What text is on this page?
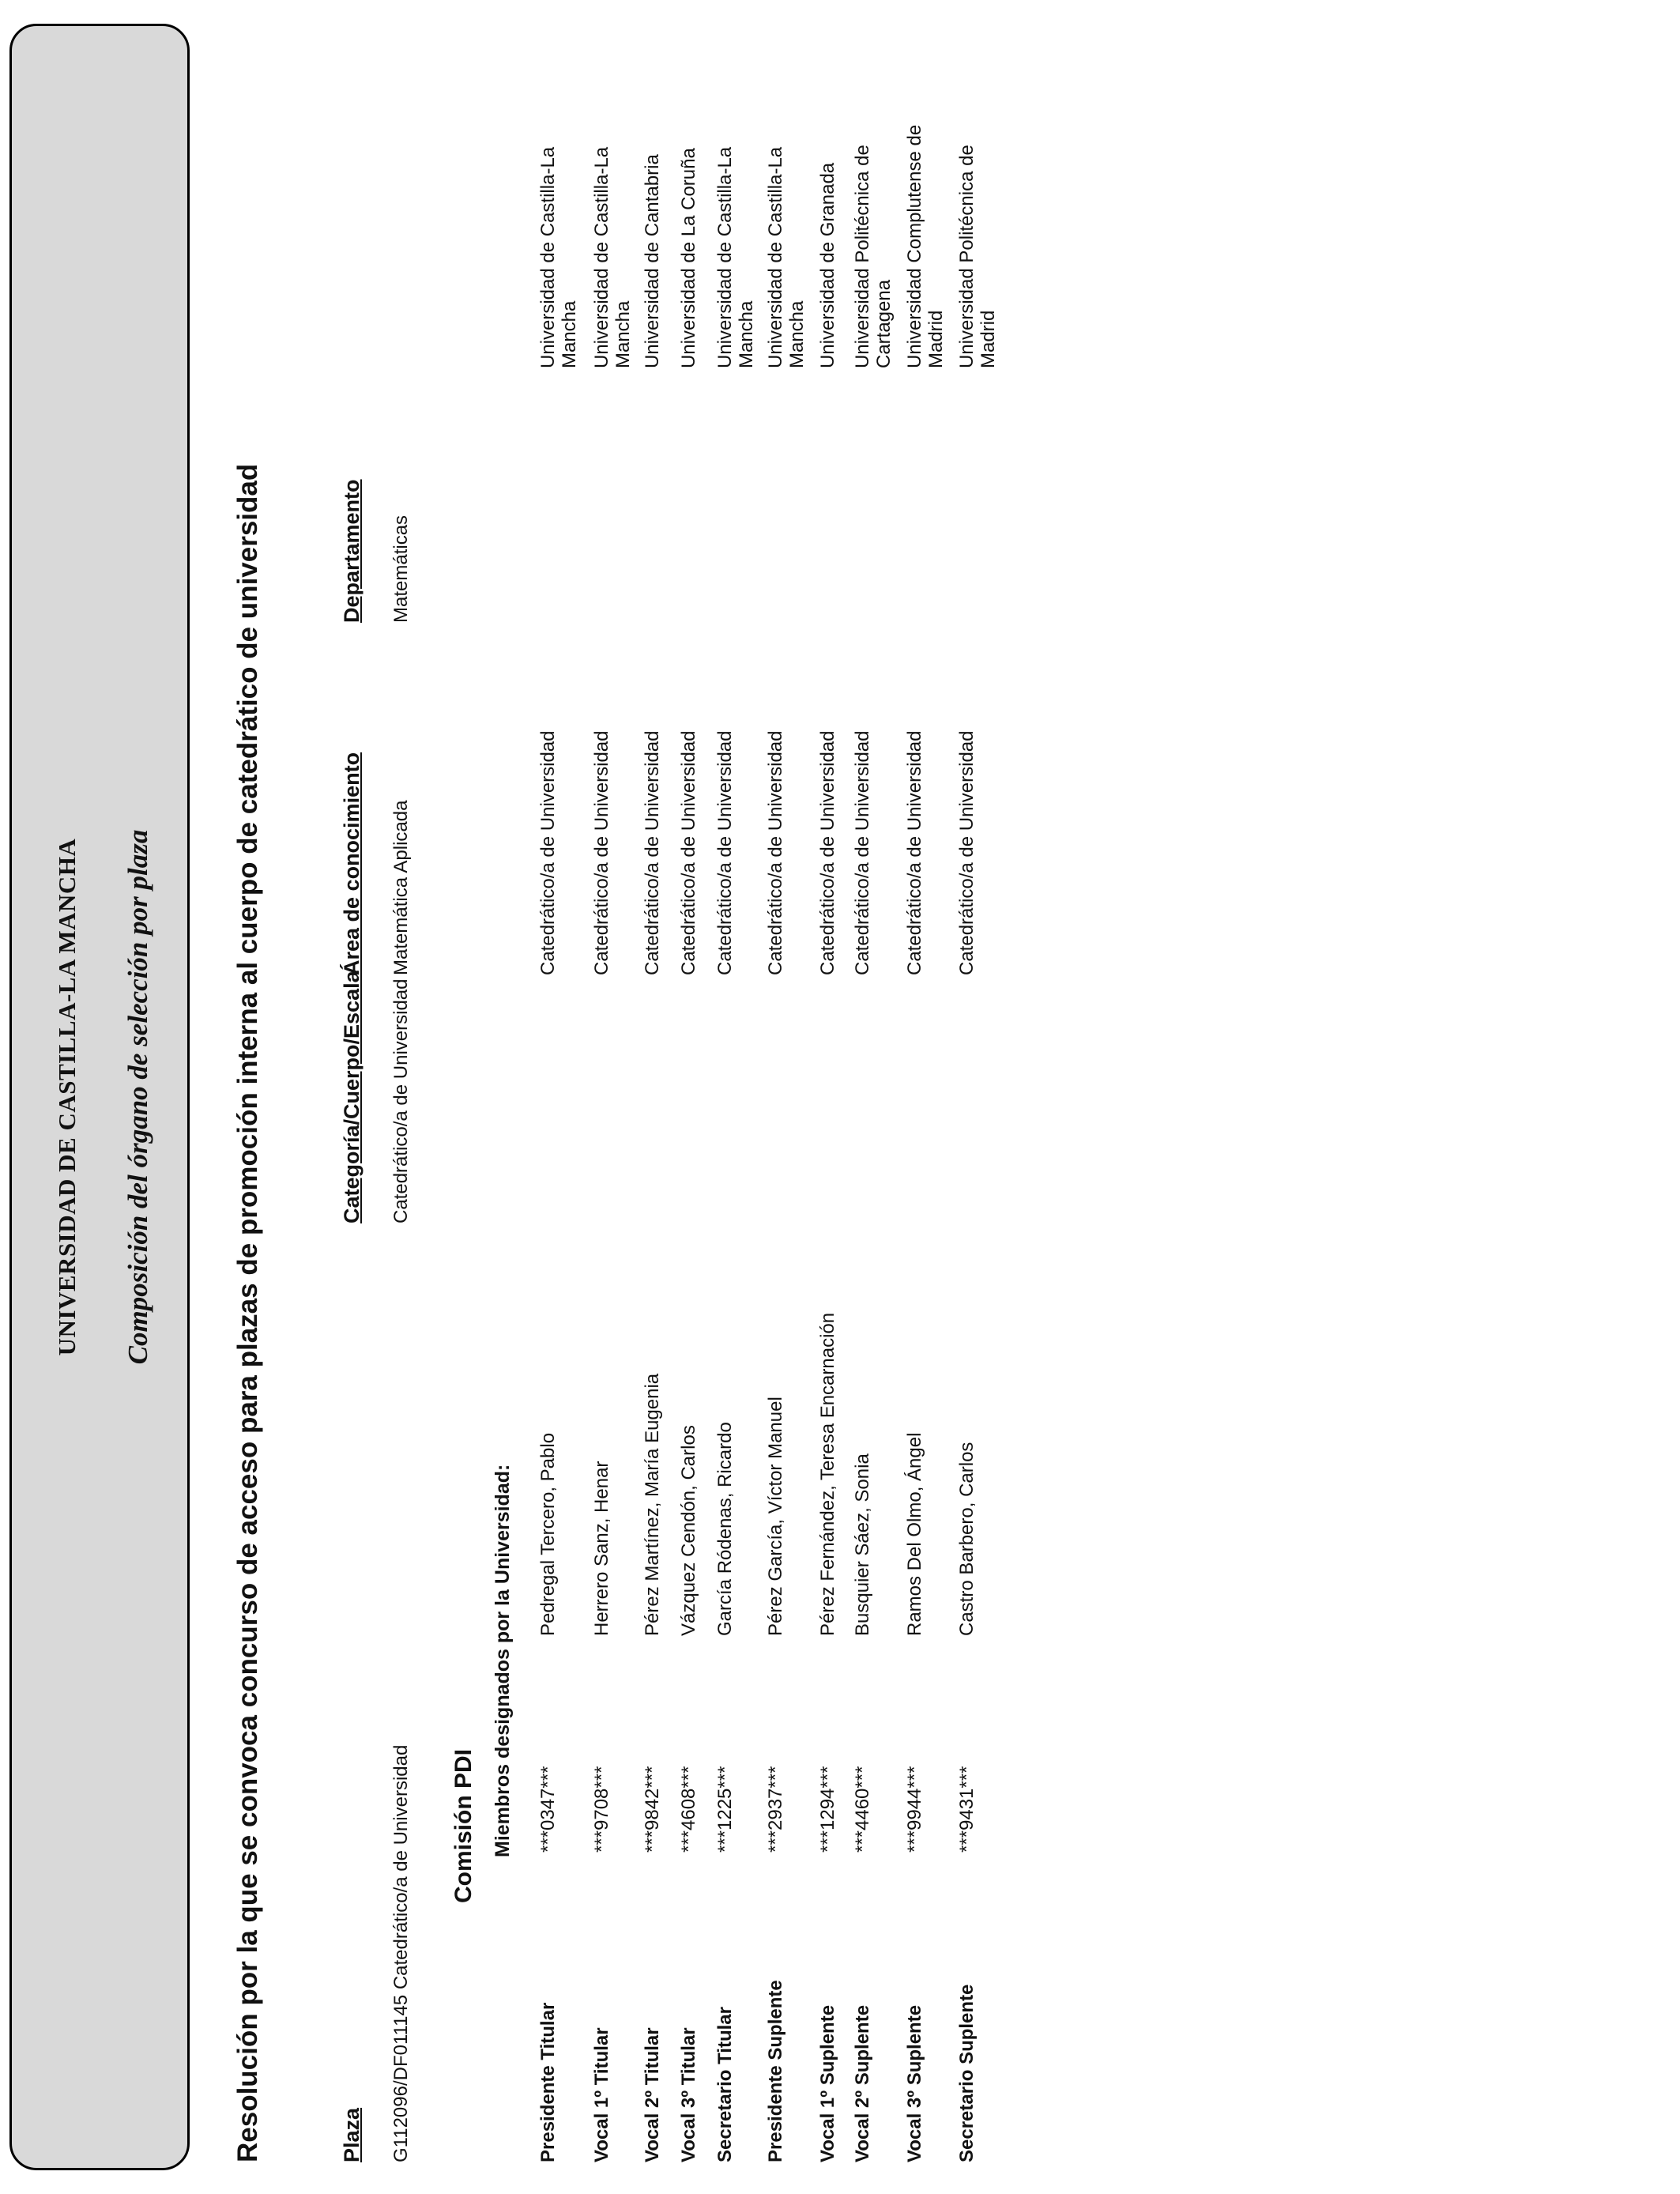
UNIVERSIDAD DE CASTILLA-LA MANCHA Composición del órgano de selección por plaza	Resolución por la que se convoca concurso de acceso para plazas de promoción interna al cuerpo de catedrático de universidad	Plaza
Categoría/Cuerpo/Escala
Área de conocimiento
Departamento
G112096/DF011145 Catedrático/a de Universidad
Catedrático/a de Universidad
Matemática Aplicada
Matemáticas
Comisión PDI Miembros designados por la Universidad:
Presidente Titular
***0347***
Pedregal Tercero, Pablo
Catedrático/a de Universidad
Universidad de Castilla-La Mancha
Vocal 1º Titular
***9708***
Herrero Sanz, Henar
Catedrático/a de Universidad
Universidad de Castilla-La Mancha
Vocal 2º Titular
***9842***
Pérez Martínez, María Eugenia
Catedrático/a de Universidad
Universidad de Cantabria
Vocal 3º Titular
***4608***
Vázquez Cendón, Carlos
Catedrático/a de Universidad
Universidad de La Coruña
Secretario Titular
***1225***
García Ródenas, Ricardo
Catedrático/a de Universidad
Universidad de Castilla-La Mancha
Presidente Suplente
***2937***
Pérez García, Víctor Manuel
Catedrático/a de Universidad
Universidad de Castilla-La Mancha
Vocal 1º Suplente
***1294***
Pérez Fernández, Teresa Encarnación
Catedrático/a de Universidad
Universidad de Granada
Vocal 2º Suplente
***4460***
Busquier Sáez, Sonia
Catedrático/a de Universidad
Universidad Politécnica de Cartagena
Vocal 3º Suplente
***9944***
Ramos Del Olmo, Ángel
Catedrático/a de Universidad
Universidad Complutense de Madrid
Secretario Suplente
***9431***
Castro Barbero, Carlos
Catedrático/a de Universidad
Universidad Politécnica de Madrid
